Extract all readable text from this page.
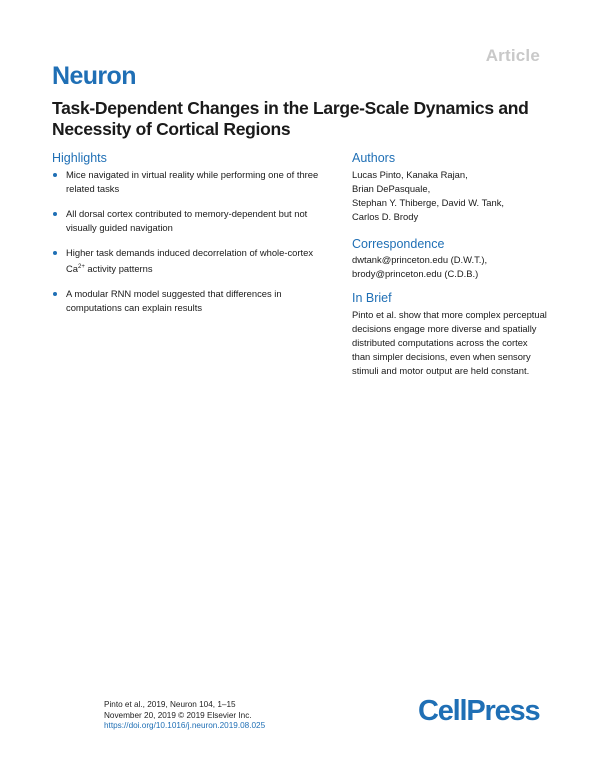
Article
Neuron
Task-Dependent Changes in the Large-Scale Dynamics and Necessity of Cortical Regions
Highlights
Mice navigated in virtual reality while performing one of three related tasks
All dorsal cortex contributed to memory-dependent but not visually guided navigation
Higher task demands induced decorrelation of whole-cortex
$Ca^{2+}$ activity patterns
A modular RNN model suggested that differences in computations can explain results
Authors
Lucas Pinto, Kanaka Rajan,
Brian DePasquale,
Stephan Y. Thiberge, David W. Tank,
Carlos D. Brody
Correspondence
dwtank@princeton.edu (D.W.T.),
brody@princeton.edu (C.D.B.)
In Brief
Pinto et al. show that more complex perceptual decisions engage more diverse and spatially distributed computations across the cortex than simpler decisions, even when sensory stimuli and motor output are held constant.
Pinto et al., 2019, Neuron 104, 1–15
November 20, 2019 © 2019 Elsevier Inc.
https://doi.org/10.1016/j.neuron.2019.08.025	CellPress
